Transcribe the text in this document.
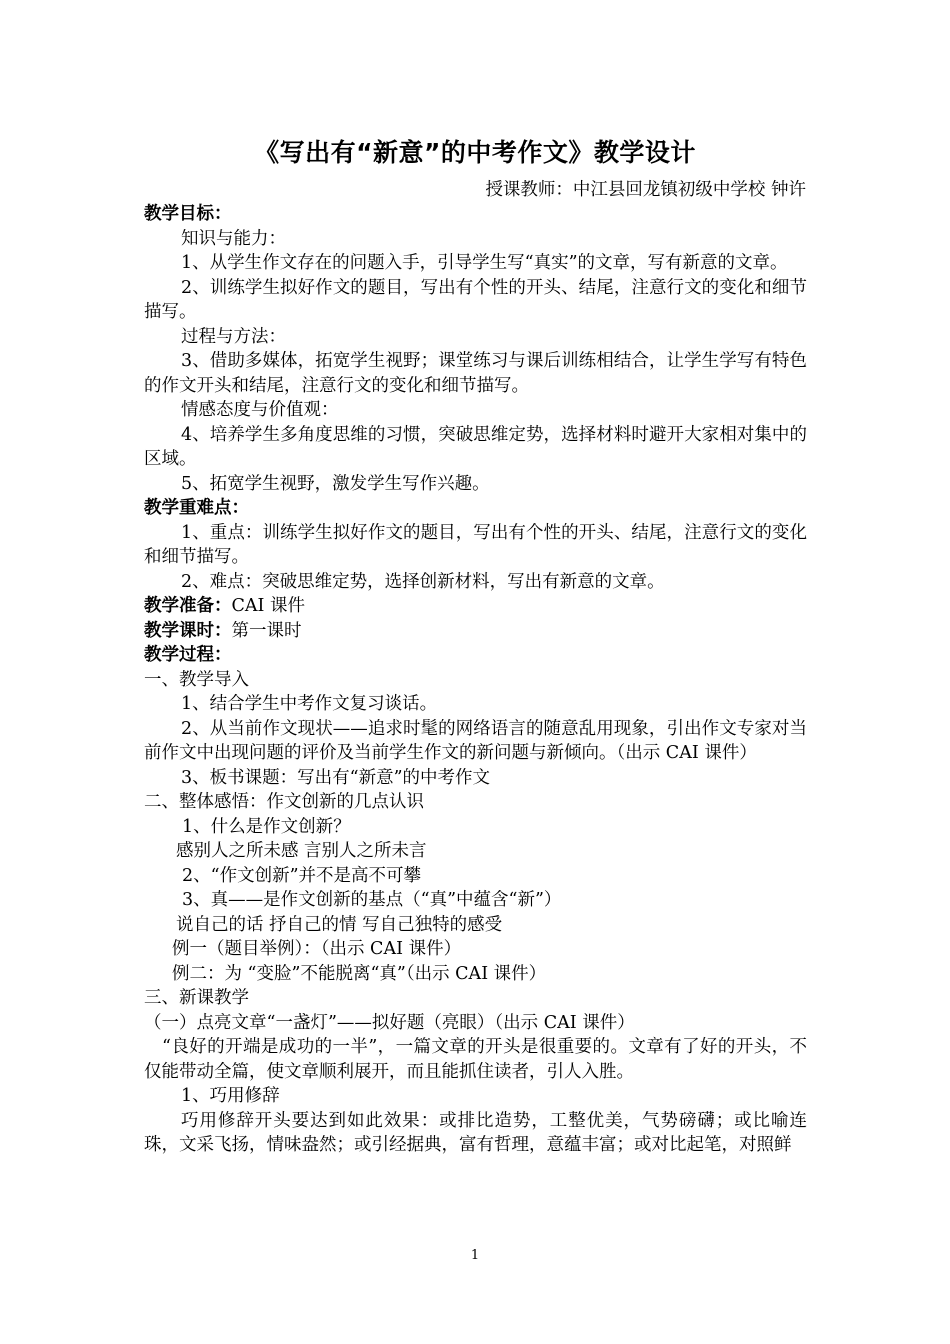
《写出有“新意”的中考作文》教学设计
授课教师：中江县回龙镇初级中学校 钟许

教学目标：

知识与能力：

1、从学生作文存在的问题入手，引导学生写“真实”的文章，写有新意的文章。

2、训练学生拟好作文的题目，写出有个性的开头、结尾，注意行文的变化和细节描写。

过程与方法：

3、借助多媒体，拓宽学生视野；课堂练习与课后训练相结合，让学生学写有特色的作文开头和结尾，注意行文的变化和细节描写。

情感态度与价值观：

4、培养学生多角度思维的习惯，突破思维定势，选择材料时避开大家相对集中的区域。

5、拓宽学生视野，激发学生写作兴趣。

教学重难点：

1、重点：训练学生拟好作文的题目，写出有个性的开头、结尾，注意行文的变化和细节描写。

2、难点：突破思维定势，选择创新材料，写出有新意的文章。

教学准备：CAI 课件

教学课时：第一课时

教学过程：

一、教学导入

1、结合学生中考作文复习谈话。

2、从当前作文现状——追求时髦的网络语言的随意乱用现象，引出作文专家对当前作文中出现问题的评价及当前学生作文的新问题与新倾向。（出示 CAI 课件）

3、板书课题：写出有“新意”的中考作文

二、整体感悟：作文创新的几点认识

1、什么是作文创新？

感别人之所未感 言别人之所未言

2、“作文创新”并不是高不可攀

3、真——是作文创新的基点（“真”中蕴含“新”）

说自己的话 抒自己的情 写自己独特的感受

例一（题目举例）：（出示 CAI 课件）

例二：为 “变脸”不能脱离“真”（出示 CAI 课件）

三、新课教学

（一）点亮文章“一盏灯”——拟好题（亮眼）（出示 CAI 课件）

“良好的开端是成功的一半”，一篇文章的开头是很重要的。文章有了好的开头，不仅能带动全篇，使文章顺利展开，而且能抓住读者，引人入胜。

1、巧用修辞

巧用修辞开头要达到如此效果：或排比造势，工整优美，气势磅礴；或比喻连珠，文采飞扬，情味盎然；或引经据典，富有哲理，意蕴丰富；或对比起笔，对照鲜

1
